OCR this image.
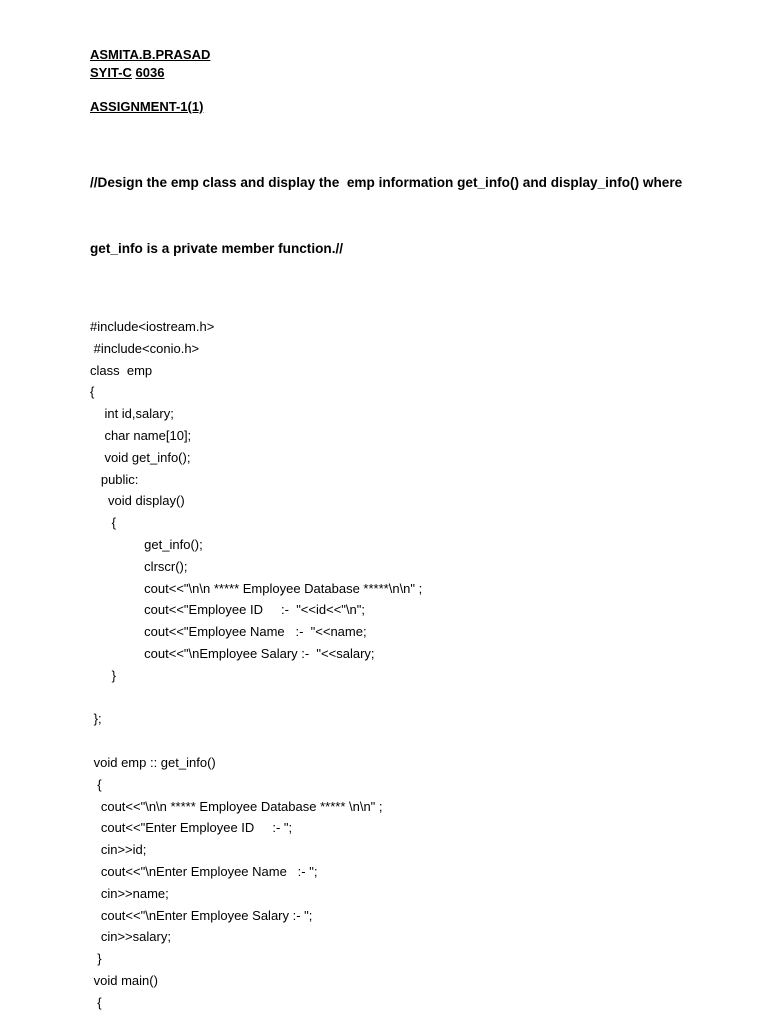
ASMITA.B.PRASAD
SYIT-C 6036
ASSIGNMENT-1(1)

//Design the emp class and display the  emp information get_info() and display_info() where

get_info is a private member function.//

#include<iostream.h>
#include<conio.h>
class  emp
{
int id,salary;
char name[10];
void get_info();
public:
void display()
{
get_info();
clrscr();
cout<<"\n\n ***** Employee Database *****\n\n" ;
cout<<"Employee ID     :-  "<<id<<"\n";
cout<<"Employee Name   :-  "<<name;
cout<<"\nEmployee Salary :-  "<<salary;
}
};
void emp :: get_info()
{
cout<<"\n\n ***** Employee Database ***** \n\n" ;
cout<<"Enter Employee ID     :- ";
cin>>id;
cout<<"\nEnter Employee Name   :- ";
cin>>name;
cout<<"\nEnter Employee Salary :- ";
cin>>salary;
}
void main()
{
